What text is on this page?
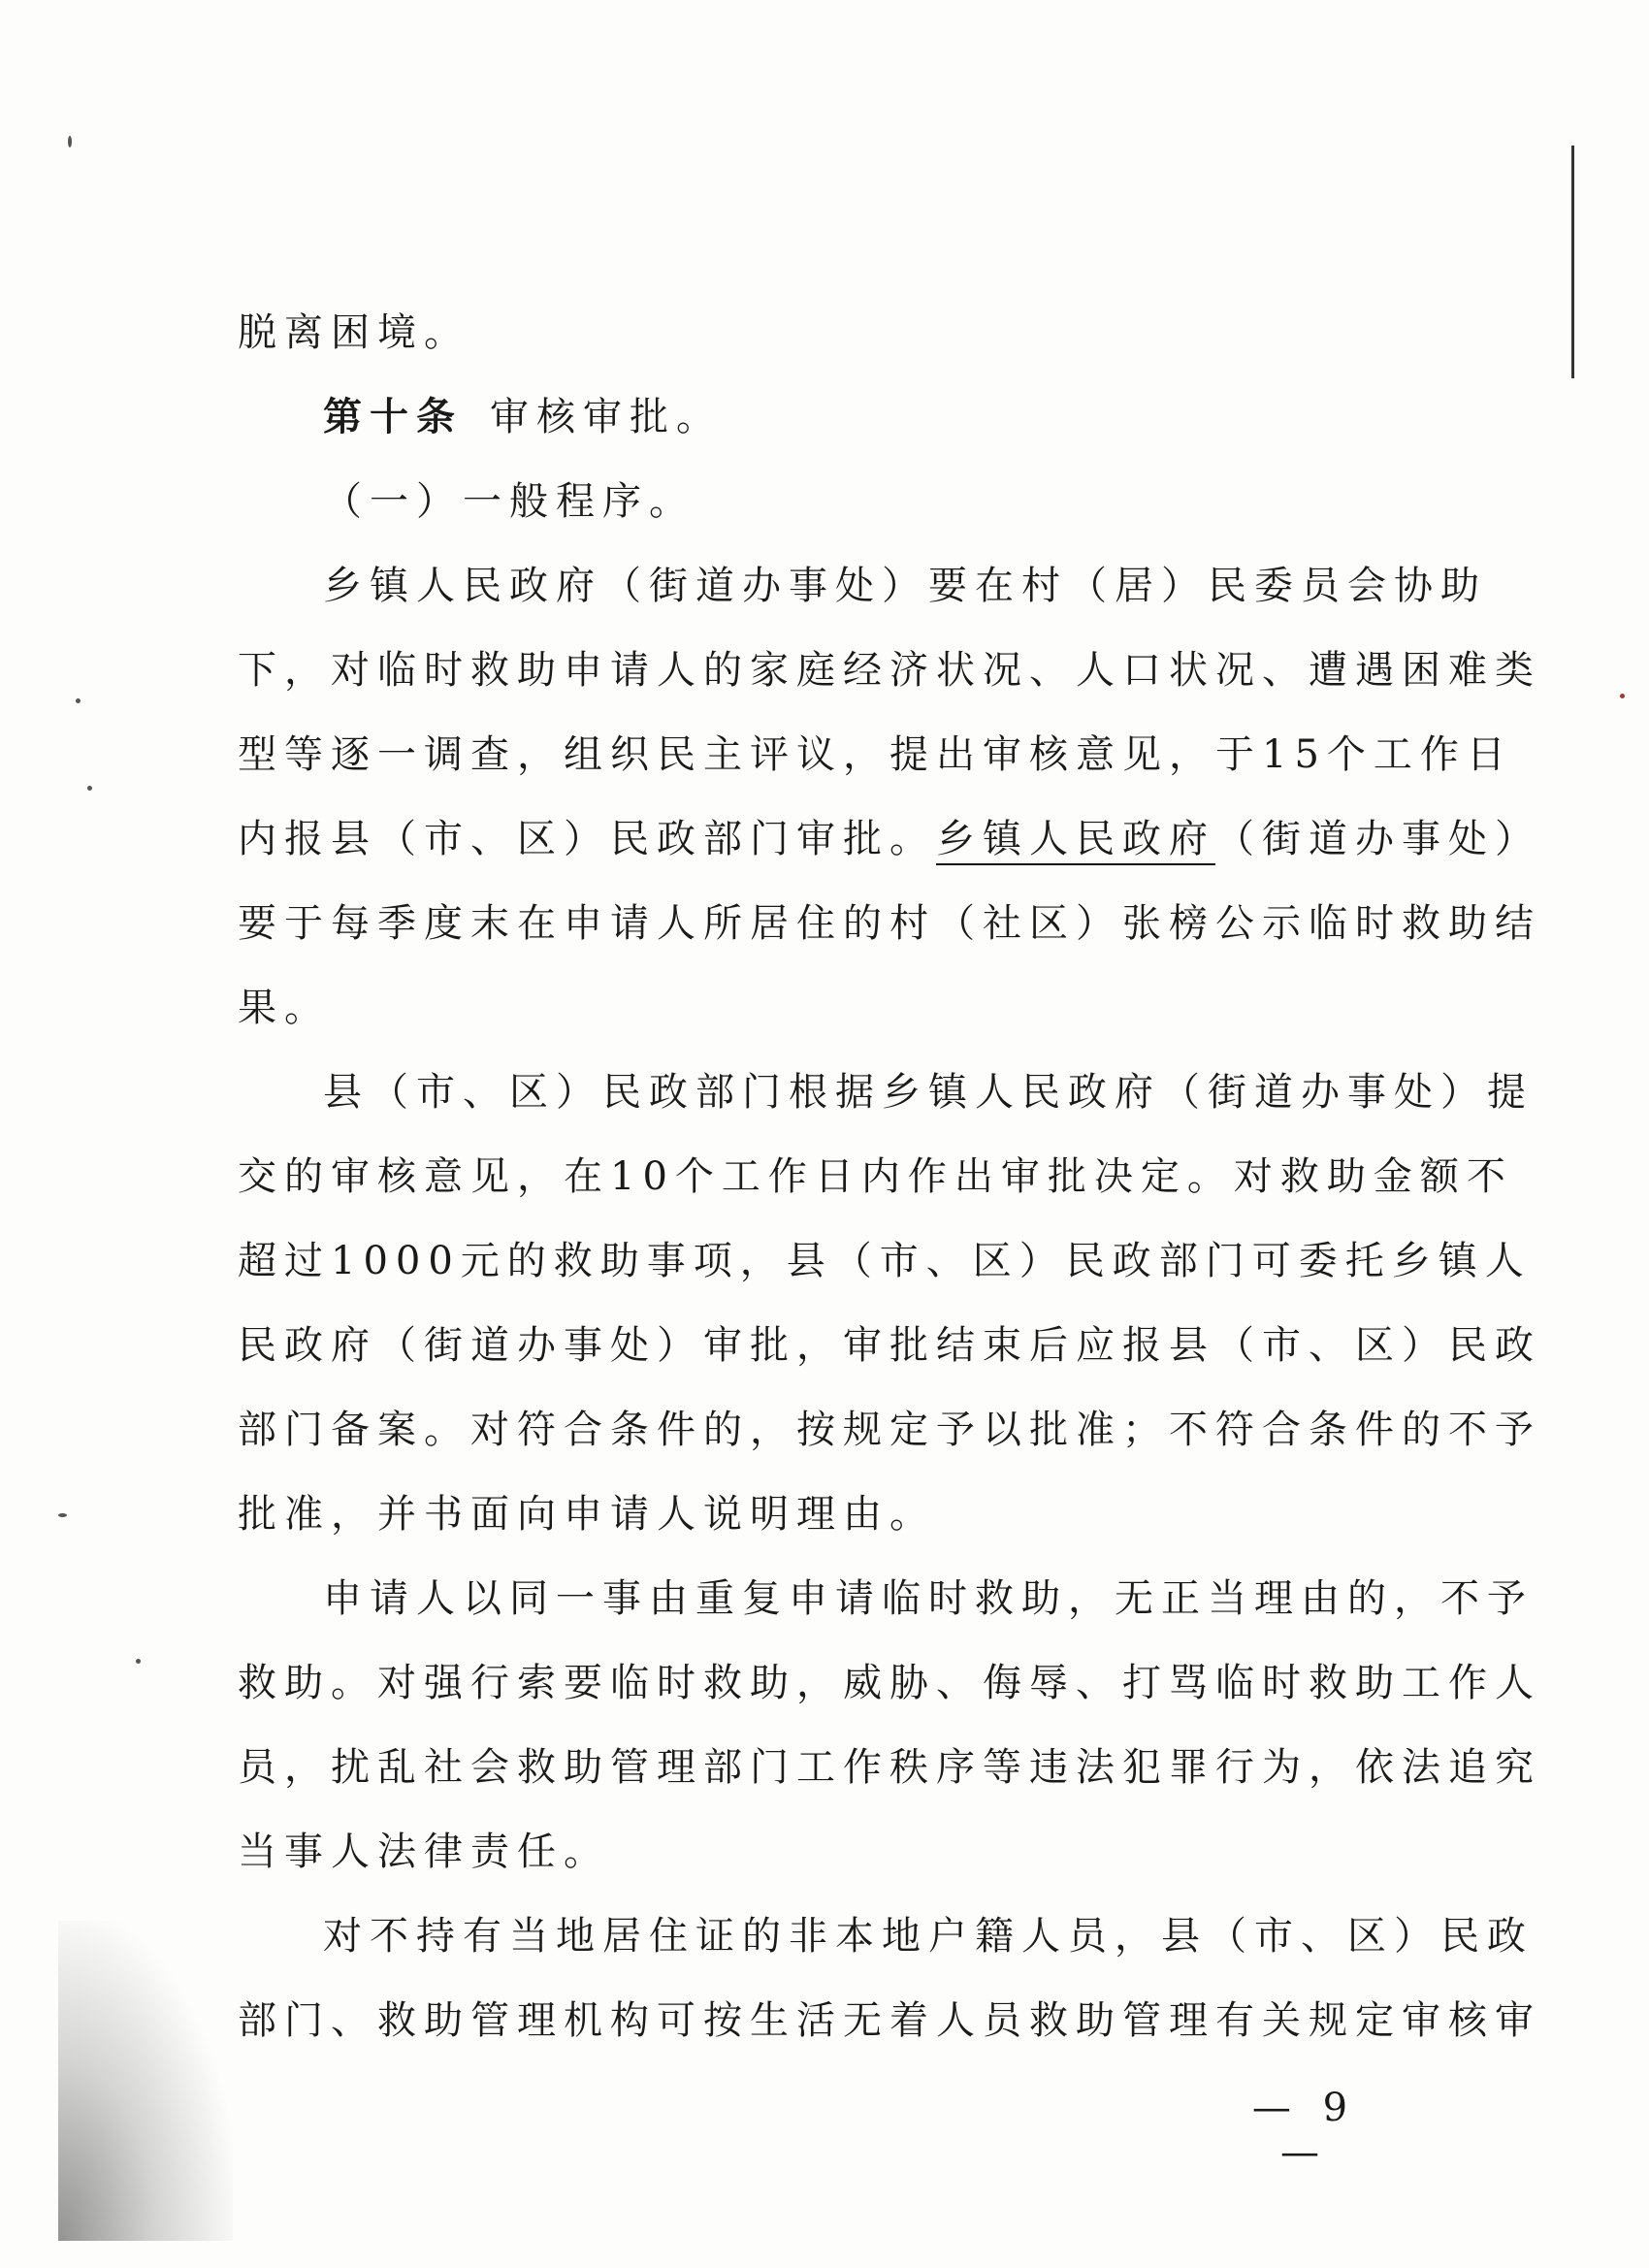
脱离困境。
第十条 审核审批。
（一）一般程序。
乡镇人民政府（街道办事处）要在村（居）民委员会协助
下，对临时救助申请人的家庭经济状况、人口状况、遭遇困难类
型等逐一调查，组织民主评议，提出审核意见，于15个工作日
内报县（市、区）民政部门审批。乡镇人民政府（街道办事处）
要于每季度末在申请人所居住的村（社区）张榜公示临时救助结
果。
县（市、区）民政部门根据乡镇人民政府（街道办事处）提
交的审核意见，在10个工作日内作出审批决定。对救助金额不
超过1000元的救助事项，县（市、区）民政部门可委托乡镇人
民政府（街道办事处）审批，审批结束后应报县（市、区）民政
部门备案。对符合条件的，按规定予以批准；不符合条件的不予
批准，并书面向申请人说明理由。
申请人以同一事由重复申请临时救助，无正当理由的，不予
救助。对强行索要临时救助，威胁、侮辱、打骂临时救助工作人
员，扰乱社会救助管理部门工作秩序等违法犯罪行为，依法追究
当事人法律责任。
对不持有当地居住证的非本地户籍人员，县（市、区）民政
部门、救助管理机构可按生活无着人员救助管理有关规定审核审
— 9 —
